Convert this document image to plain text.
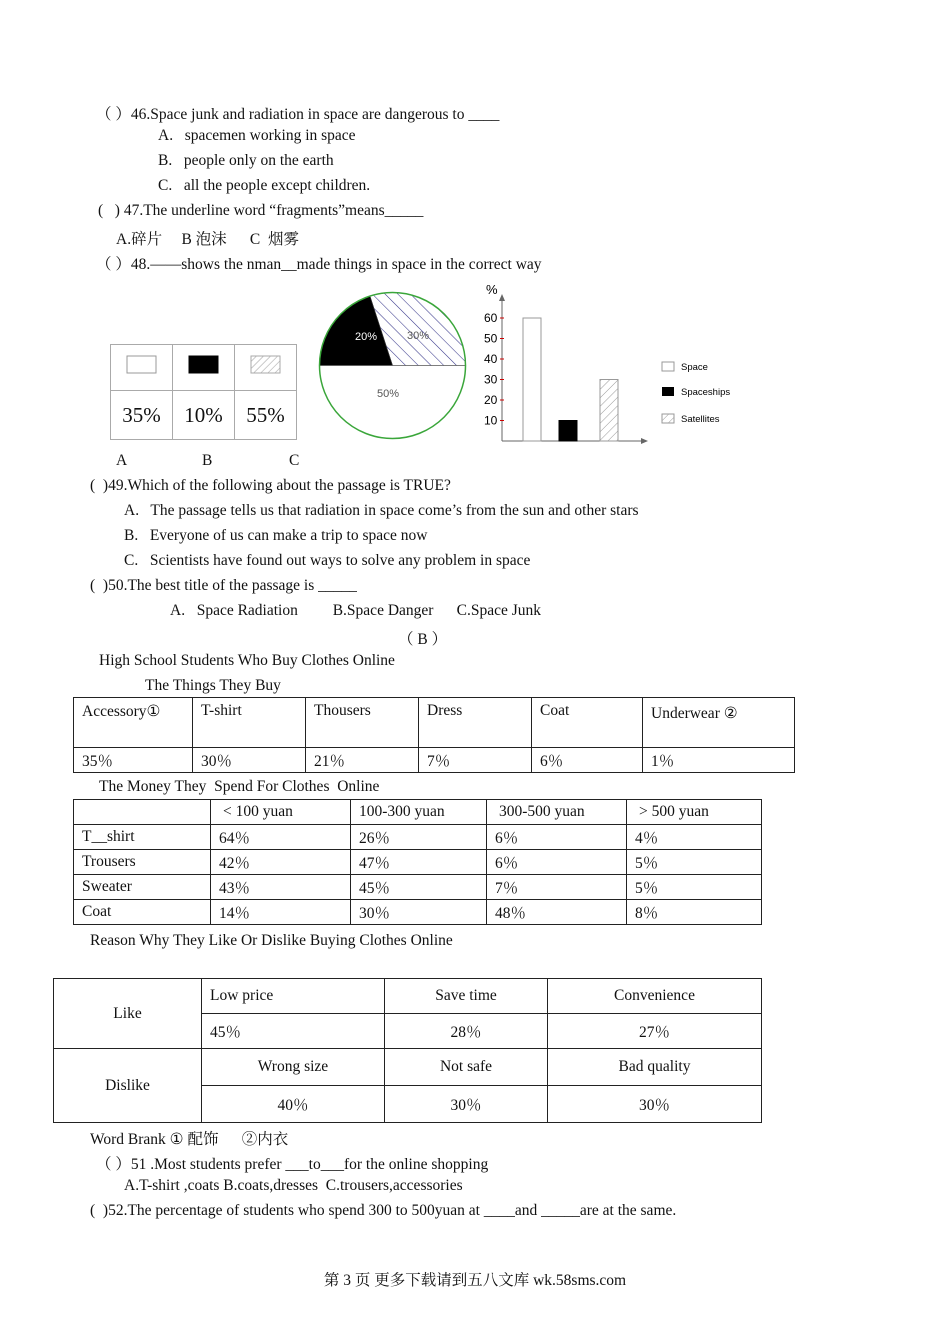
（ ）46.Space junk and radiation in space are dangerous to ____
A.   spacemen working in space
B.   people only on the earth
C.   all the people except children.
(   ) 47.The underline word “fragments”means_____
A.碎片     B 泡沫      C  烟雾
（ ）48.——shows the nman__made things in space in the correct way

35%	10%	55%
20%	30%
50%
%
60
50
40
30
20
10
Space
Spaceships
Satellites
A	B	C
(  )49.Which of the following about the passage is TRUE?
A.   The passage tells us that radiation in space come’s from the sun and other stars
B.   Everyone of us can make a trip to space now
C.   Scientists have found out ways to solve any problem in space
(  )50.The best title of the passage is _____
A.   Space Radiation         B.Space Danger      C.Space Junk
（ B ）
High School Students Who Buy Clothes Online
The Things They Buy
Accessory①	T-shirt	Thousers	Dress	Coat	Underwear ②
35％	30％	21％	7％	6％	1％
The Money They  Spend For Clothes  Online
	< 100 yuan	100-300 yuan	300-500 yuan	> 500 yuan
T__shirt	64％	26％	6％	4％
Trousers	42％	47％	6％	5％
Sweater	43％	45％	7％	5％
Coat	14％	30％	48％	8％
Reason Why They Like Or Dislike Buying Clothes Online
Like	Low price	Save time	Convenience
	45％	28％	27％
Dislike	Wrong size	Not safe	Bad quality
	40％	30％	30％
Word Brank ① 配饰      ②内衣
（ ）51 .Most students prefer ___to___for the online shopping
A.T-shirt ,coats B.coats,dresses  C.trousers,accessories
(  )52.The percentage of students who spend 300 to 500yuan at ____and _____are at the same.
第 3 页 更多下载请到五八文库 wk.58sms.com
